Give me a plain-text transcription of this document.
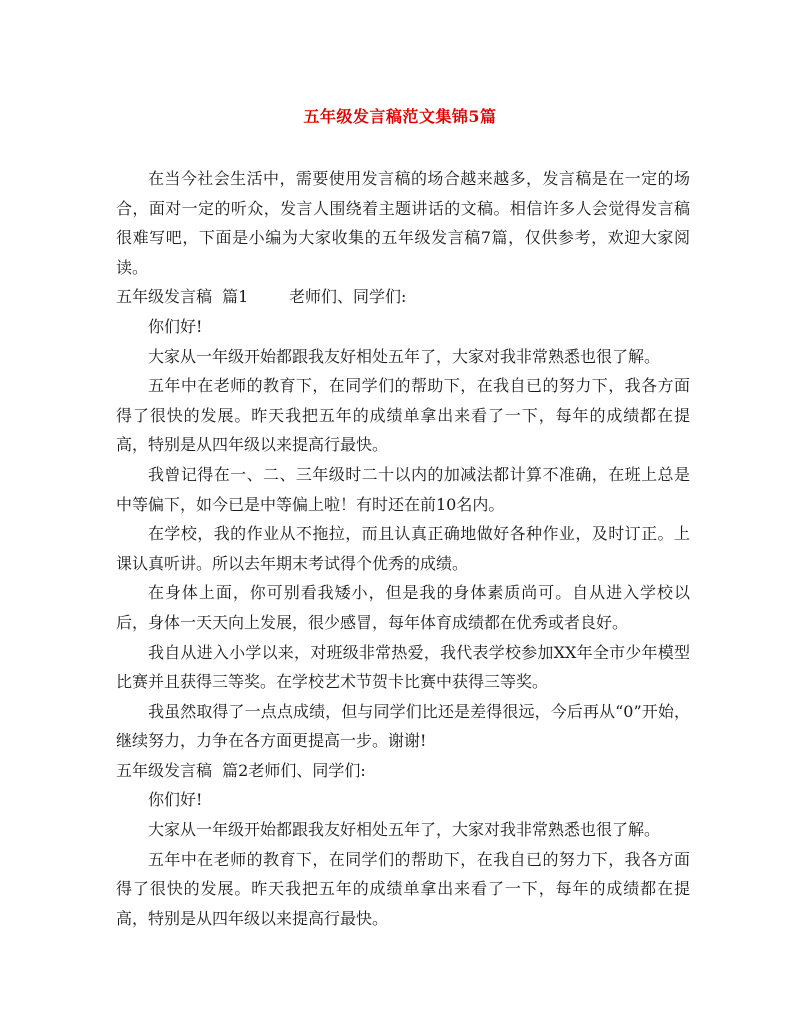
五年级发言稿范文集锦5篇

在当今社会生活中，需要使用发言稿的场合越来越多，发言稿是在一定的场合，面对一定的听众，发言人围绕着主题讲话的文稿。相信许多人会觉得发言稿很难写吧，下面是小编为大家收集的五年级发言稿7篇，仅供参考，欢迎大家阅读。

五年级发言稿  篇1        老师们、同学们:

你们好!

大家从一年级开始都跟我友好相处五年了，大家对我非常熟悉也很了解。

五年中在老师的教育下，在同学们的帮助下，在我自已的努力下，我各方面得了很快的发展。昨天我把五年的成绩单拿出来看了一下，每年的成绩都在提高，特别是从四年级以来提高行最快。

我曾记得在一、二、三年级时二十以内的加减法都计算不准确，在班上总是中等偏下，如今已是中等偏上啦！有时还在前10名内。

在学校，我的作业从不拖拉，而且认真正确地做好各种作业，及时订正。上课认真听讲。所以去年期末考试得个优秀的成绩。

在身体上面，你可别看我矮小，但是我的身体素质尚可。自从进入学校以后，身体一天天向上发展，很少感冒，每年体育成绩都在优秀或者良好。

我自从进入小学以来，对班级非常热爱，我代表学校参加XX年全市少年模型比赛并且获得三等奖。在学校艺术节贺卡比赛中获得三等奖。

我虽然取得了一点点成绩，但与同学们比还是差得很远，今后再从“0”开始，继续努力，力争在各方面更提高一步。谢谢!

五年级发言稿  篇2老师们、同学们:

你们好!

大家从一年级开始都跟我友好相处五年了，大家对我非常熟悉也很了解。

五年中在老师的教育下，在同学们的帮助下，在我自已的努力下，我各方面得了很快的发展。昨天我把五年的成绩单拿出来看了一下，每年的成绩都在提高，特别是从四年级以来提高行最快。
